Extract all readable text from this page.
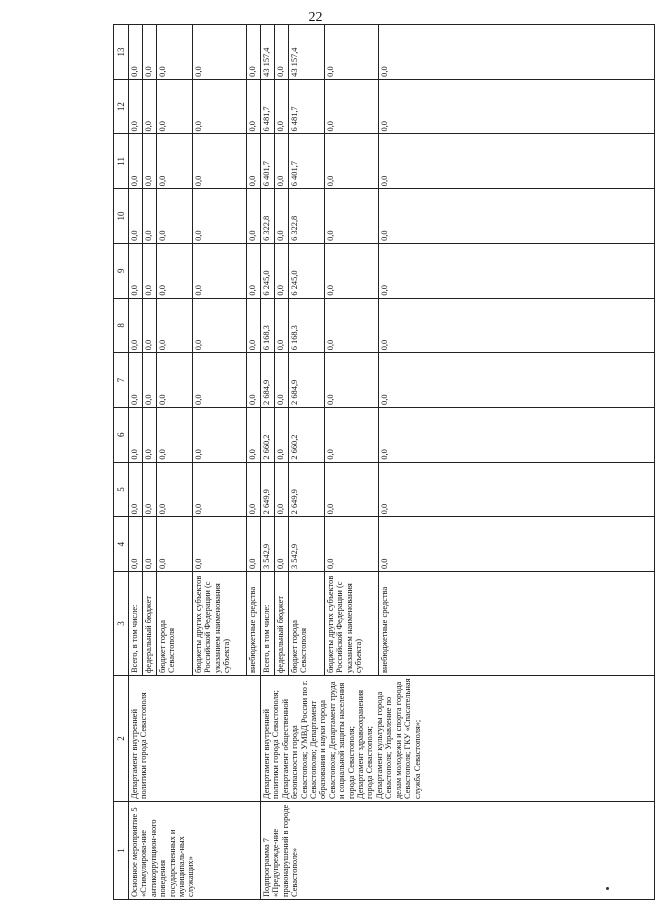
22
1	2	3	4	5	6	7	8	9	10	11	12	13
Основное мероприятие 5 «Стимулирова-ние антикоррупцион-ного поведения государственных и муниципаль-ных служащих»	Департамент внутренней политики города Севастополя	Всего, в том числе:	0,0	0,0	0,0	0,0	0,0	0,0	0,0	0,0	0,0	0,0
		федеральный бюджет	0,0	0,0	0,0	0,0	0,0	0,0	0,0	0,0	0,0	0,0
		бюджет города Севастополя	0,0	0,0	0,0	0,0	0,0	0,0	0,0	0,0	0,0	0,0
		бюджеты других субъектов Российской Федерации (с указанием наименования субъекта)	0,0	0,0	0,0	0,0	0,0	0,0	0,0	0,0	0,0	0,0
		внебюджетные средства	0,0	0,0	0,0	0,0	0,0	0,0	0,0	0,0	0,0	0,0
Подпрограмма 7 «Предупрежде-ние правонарушений в городе Севастополе»	Департамент внутренней политики города Севастополя; Департамент общественной безопасности города Севастополя; УМВД России по г. Севастополю; Департамент образования и науки города Севастополя; Департамент труда и социальной защиты населения города Севастополя; Департамент здравоохранения города Севастополя; Департамент культуры города Севастополя; Управление по делам молодежи и спорта города Севастополя; ГКУ «Спасательная служба Севастополя»;	Всего, в том числе:	3 542,9	2 649,9	2 660,2	2 684,9	6 168,3	6 245,0	6 322,8	6 401,7	6 481,7	43 157,4
		федеральный бюджет	0,0	0,0	0,0	0,0	0,0	0,0	0,0	0,0	0,0	0,0
		бюджет города Севастополя	3 542,9	2 649,9	2 660,2	2 684,9	6 168,3	6 245,0	6 322,8	6 401,7	6 481,7	43 157,4
		бюджеты других субъектов Российской Федерации (с указанием наименования субъекта)	0,0	0,0	0,0	0,0	0,0	0,0	0,0	0,0	0,0	0,0
		внебюджетные средства	0,0	0,0	0,0	0,0	0,0	0,0	0,0	0,0	0,0	0,0
